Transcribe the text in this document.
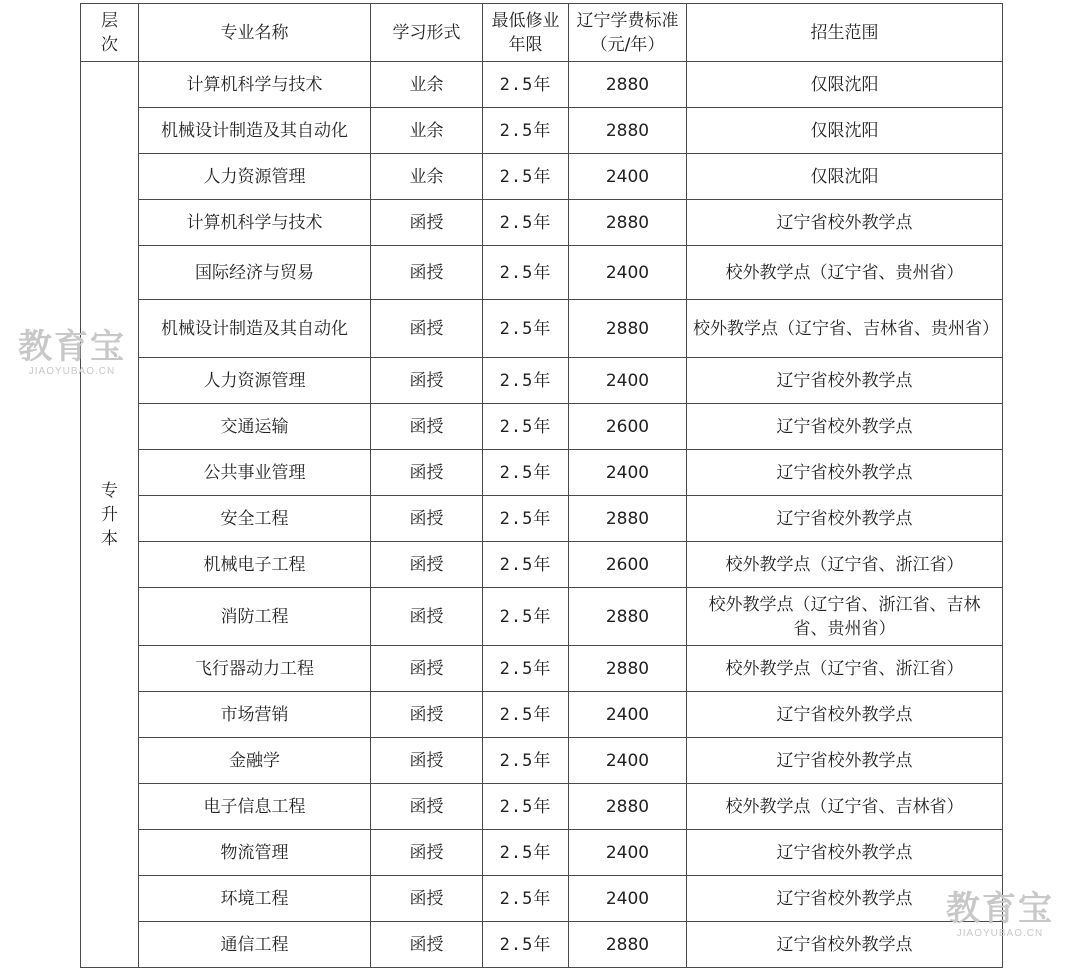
层次	专业名称	学习形式	最低修业年限	辽宁学费标准（元/年）	招生范围
专升本	计算机科学与技术	业余	2.5年	2880	仅限沈阳
	机械设计制造及其自动化	业余	2.5年	2880	仅限沈阳
	人力资源管理	业余	2.5年	2400	仅限沈阳
	计算机科学与技术	函授	2.5年	2880	辽宁省校外教学点
	国际经济与贸易	函授	2.5年	2400	校外教学点（辽宁省、贵州省）
	机械设计制造及其自动化	函授	2.5年	2880	校外教学点（辽宁省、吉林省、贵州省）
	人力资源管理	函授	2.5年	2400	辽宁省校外教学点
	交通运输	函授	2.5年	2600	辽宁省校外教学点
	公共事业管理	函授	2.5年	2400	辽宁省校外教学点
	安全工程	函授	2.5年	2880	辽宁省校外教学点
	机械电子工程	函授	2.5年	2600	校外教学点（辽宁省、浙江省）
	消防工程	函授	2.5年	2880	校外教学点（辽宁省、浙江省、吉林省、贵州省）
	飞行器动力工程	函授	2.5年	2880	校外教学点（辽宁省、浙江省）
	市场营销	函授	2.5年	2400	辽宁省校外教学点
	金融学	函授	2.5年	2400	辽宁省校外教学点
	电子信息工程	函授	2.5年	2880	校外教学点（辽宁省、吉林省）
	物流管理	函授	2.5年	2400	辽宁省校外教学点
	环境工程	函授	2.5年	2400	辽宁省校外教学点
	通信工程	函授	2.5年	2880	辽宁省校外教学点
教育宝
JIAOYUBAO.CN
教育宝
JIAOYUBAO.CN
